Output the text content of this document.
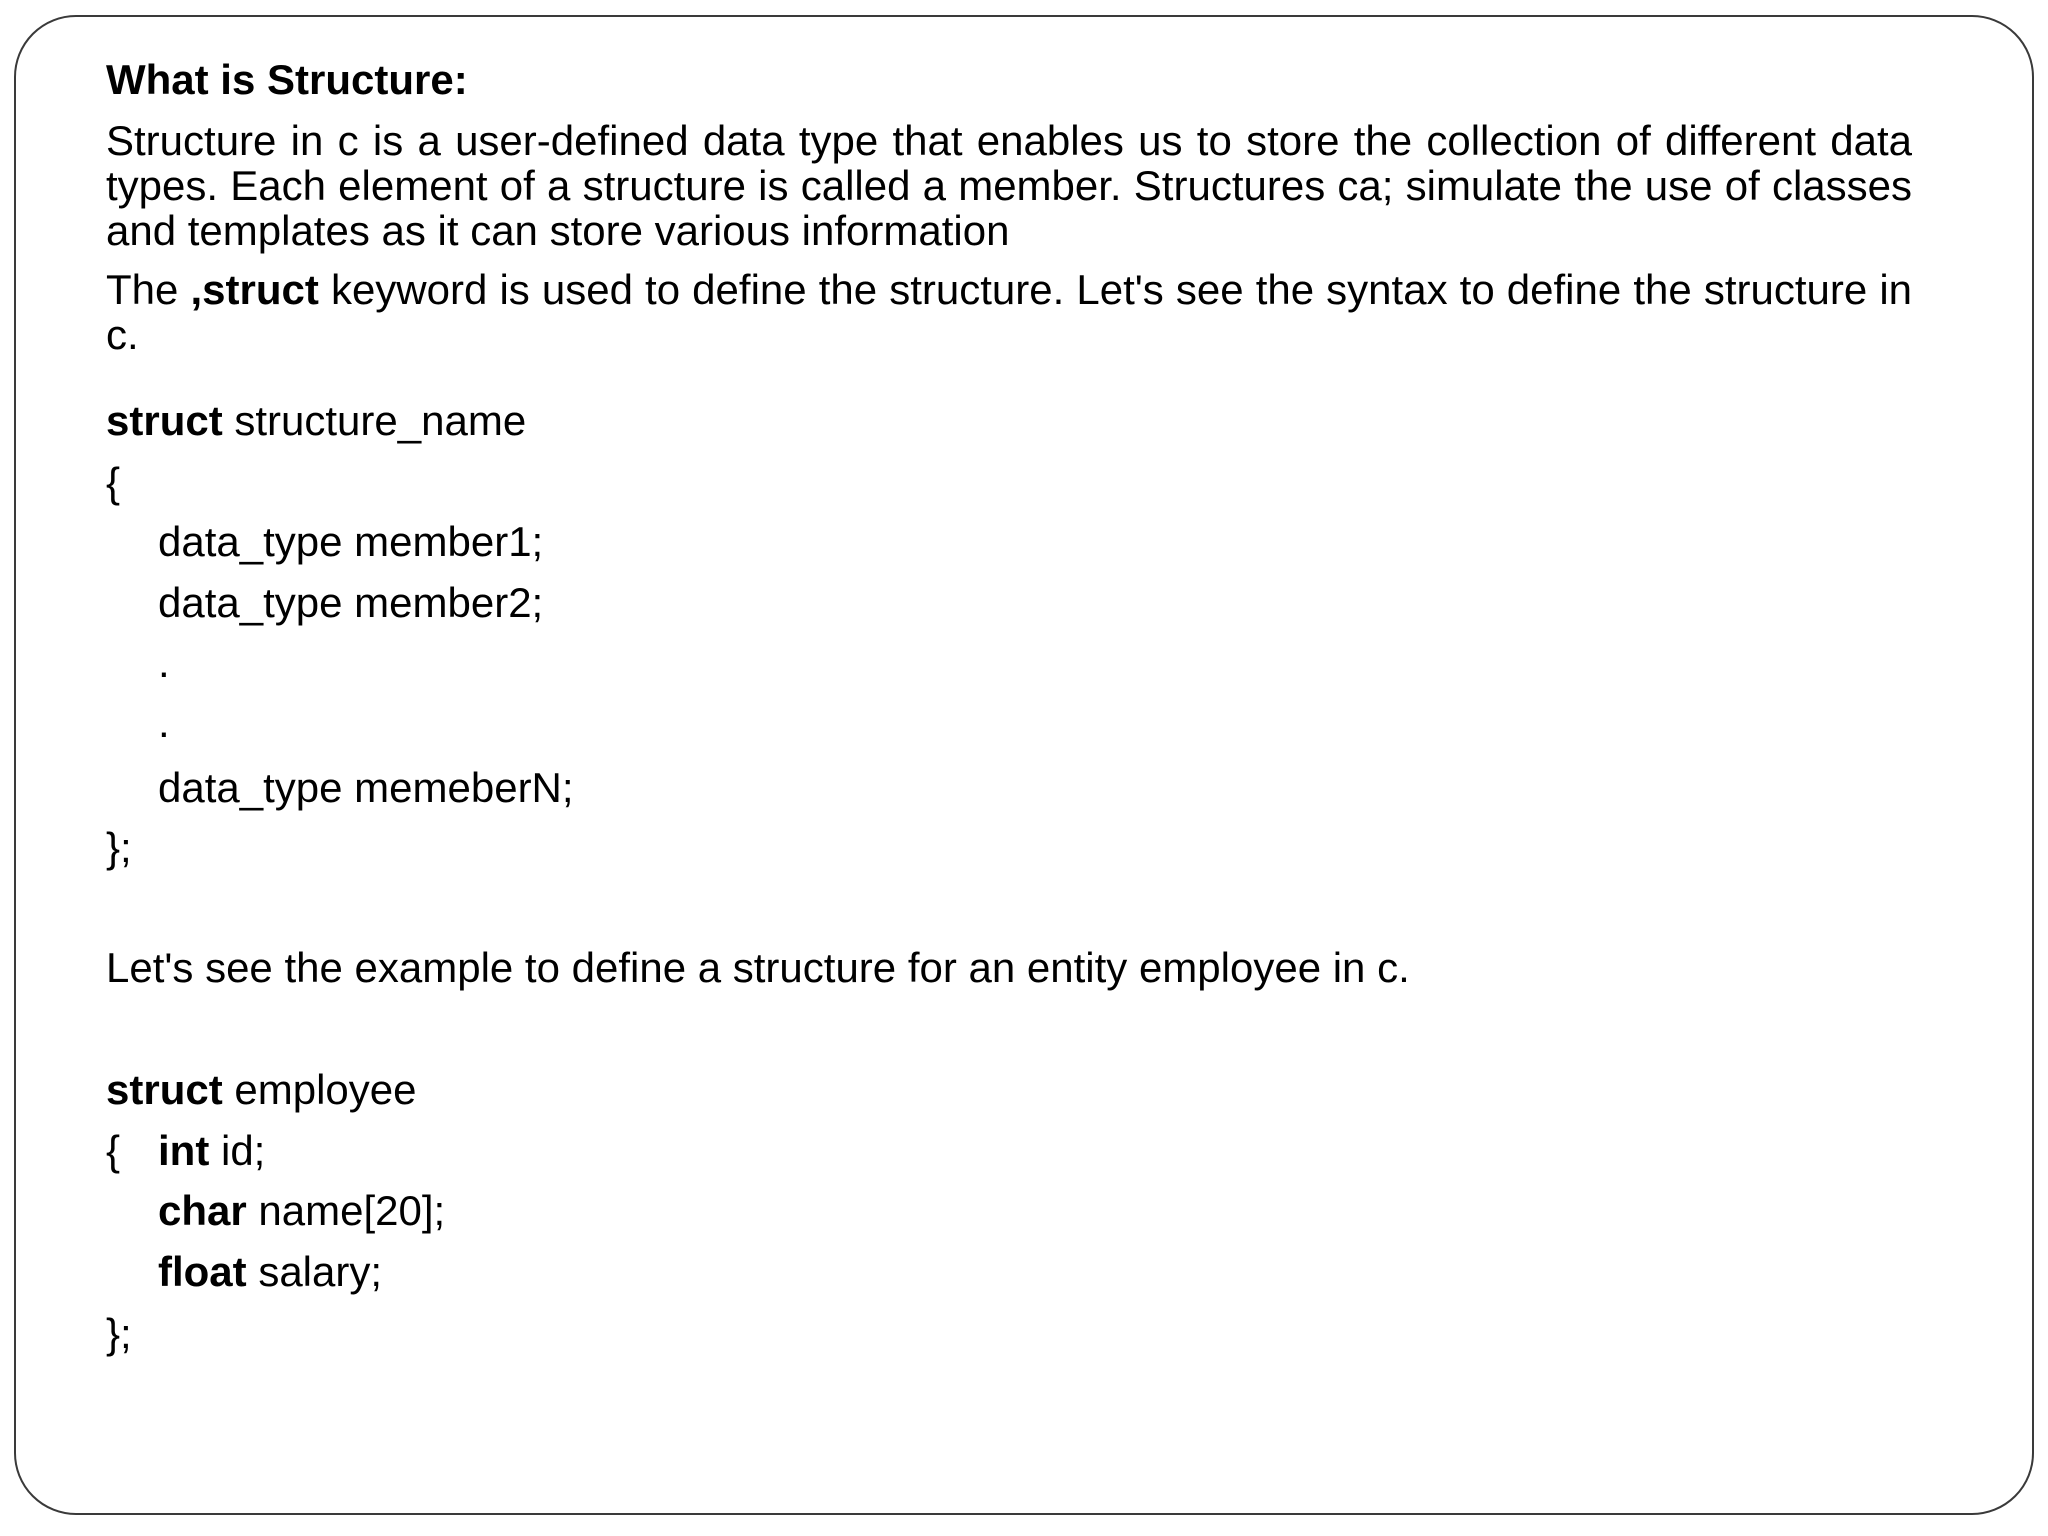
What is Structure:

Structure in c is a user-defined data type that enables us to store the collection of different data types. Each element of a structure is called a member. Structures ca; simulate the use of classes and templates as it can store various information

The ,struct keyword is used to define the structure. Let's see the syntax to define the structure in c.

struct structure_name

{

data_type member1;

data_type member2;

.

.

data_type memeberN;

};

Let's see the example to define a structure for an entity employee in c.

struct employee

{ int id;

char name[20];

float salary;

};
